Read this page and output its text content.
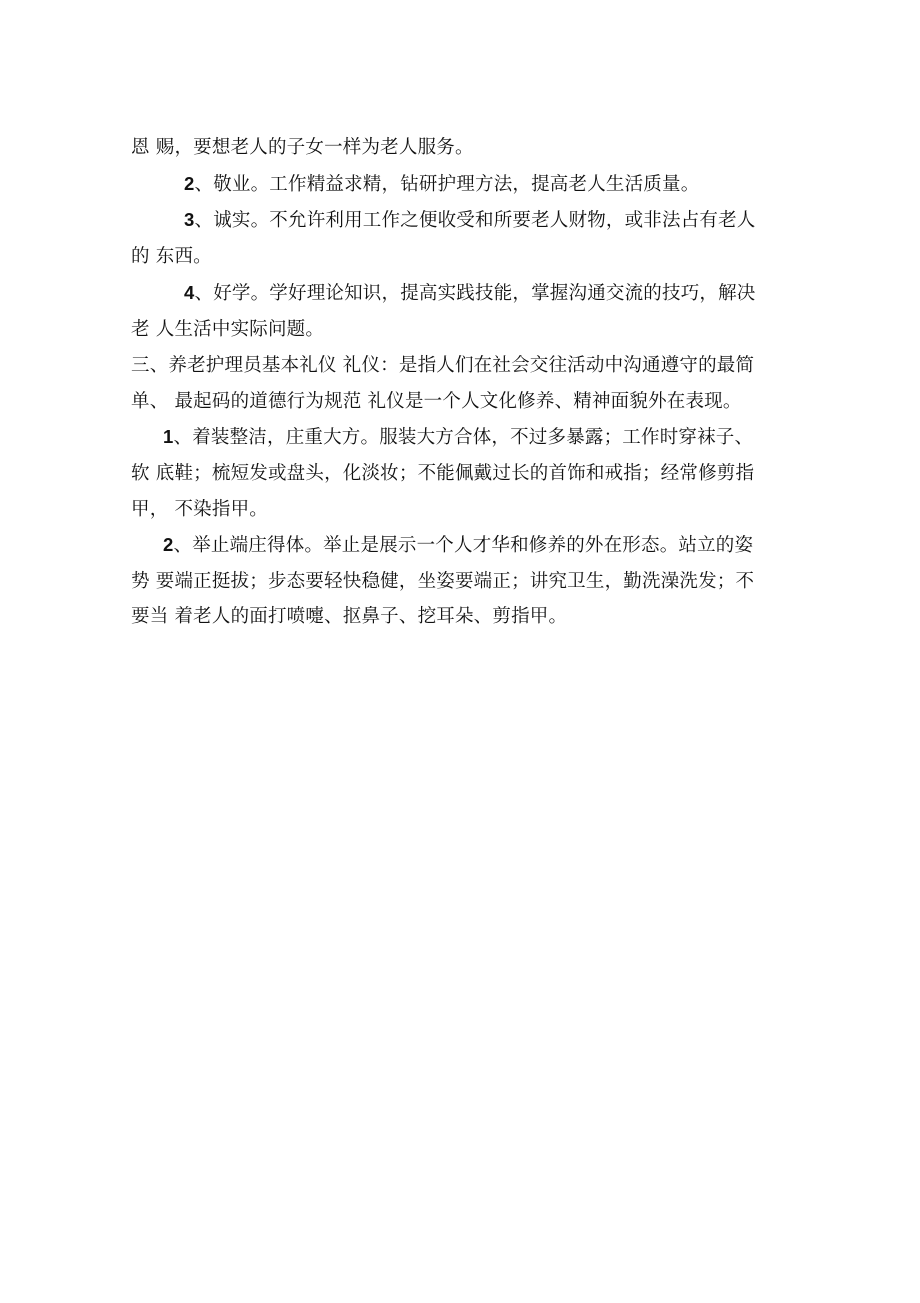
恩 赐，要想老人的子女一样为老人服务。
2、敬业。工作精益求精，钻研护理方法，提高老人生活质量。
3、诚实。不允许利用工作之便收受和所要老人财物，或非法占有老人
的 东西。
4、好学。学好理论知识，提高实践技能，掌握沟通交流的技巧，解决
老 人生活中实际问题。
三、养老护理员基本礼仪 礼仪：是指人们在社会交往活动中沟通遵守的最简
单、 最起码的道德行为规范 礼仪是一个人文化修养、精神面貌外在表现。
1、着装整洁，庄重大方。服装大方合体，不过多暴露；工作时穿袜子、
软 底鞋；梳短发或盘头，化淡妆；不能佩戴过长的首饰和戒指；经常修剪指
甲， 不染指甲。
2、举止端庄得体。举止是展示一个人才华和修养的外在形态。站立的姿
势 要端正挺拔；步态要轻快稳健，坐姿要端正；讲究卫生，勤洗澡洗发；不
要当 着老人的面打喷嚏、抠鼻子、挖耳朵、剪指甲。
